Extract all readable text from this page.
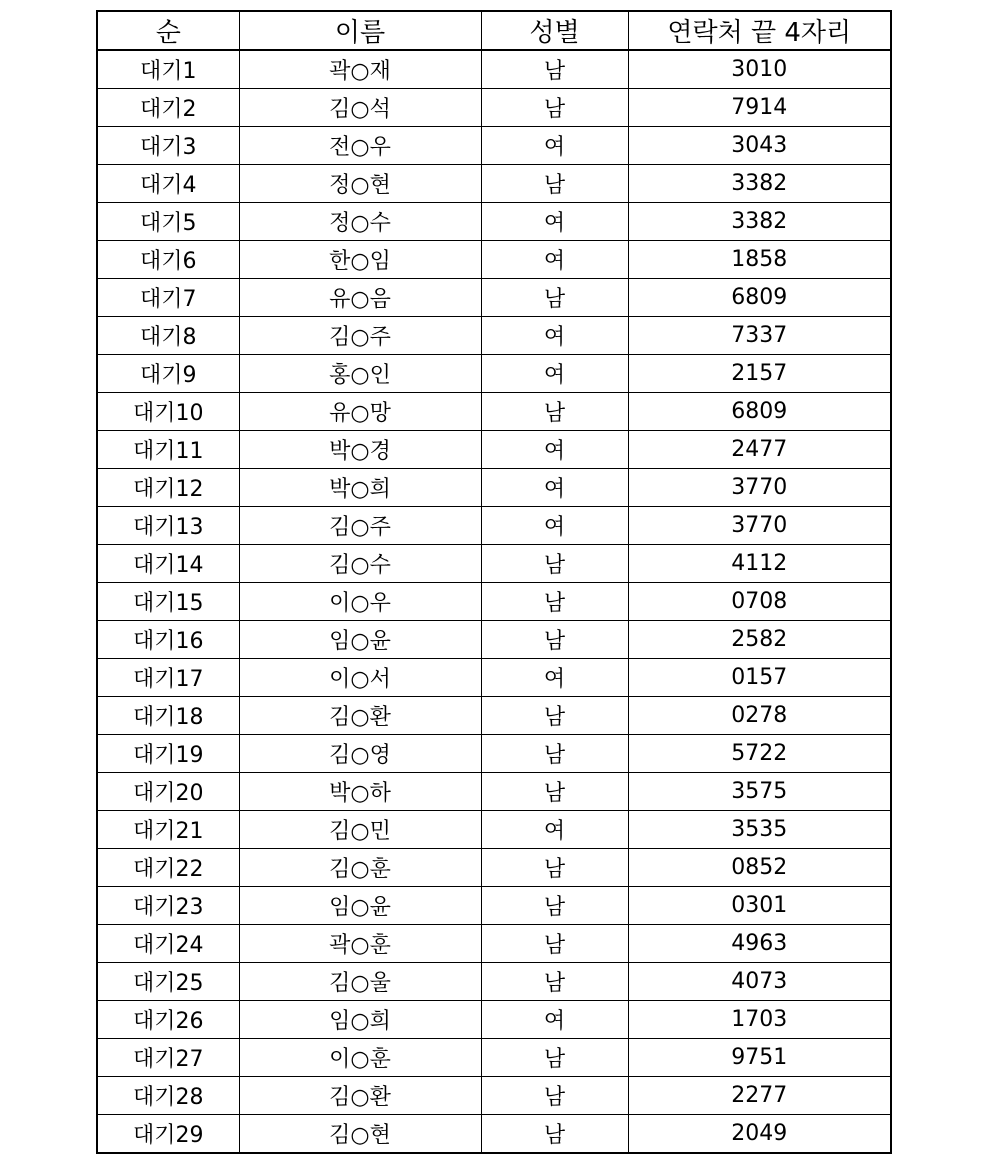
순	이름	성별	연락처 끝 4자리
대기1	곽○재	남	3010
대기2	김○석	남	7914
대기3	전○우	여	3043
대기4	정○현	남	3382
대기5	정○수	여	3382
대기6	한○임	여	1858
대기7	유○음	남	6809
대기8	김○주	여	7337
대기9	홍○인	여	2157
대기10	유○망	남	6809
대기11	박○경	여	2477
대기12	박○희	여	3770
대기13	김○주	여	3770
대기14	김○수	남	4112
대기15	이○우	남	0708
대기16	임○윤	남	2582
대기17	이○서	여	0157
대기18	김○환	남	0278
대기19	김○영	남	5722
대기20	박○하	남	3575
대기21	김○민	여	3535
대기22	김○훈	남	0852
대기23	임○윤	남	0301
대기24	곽○훈	남	4963
대기25	김○울	남	4073
대기26	임○희	여	1703
대기27	이○훈	남	9751
대기28	김○환	남	2277
대기29	김○현	남	2049
